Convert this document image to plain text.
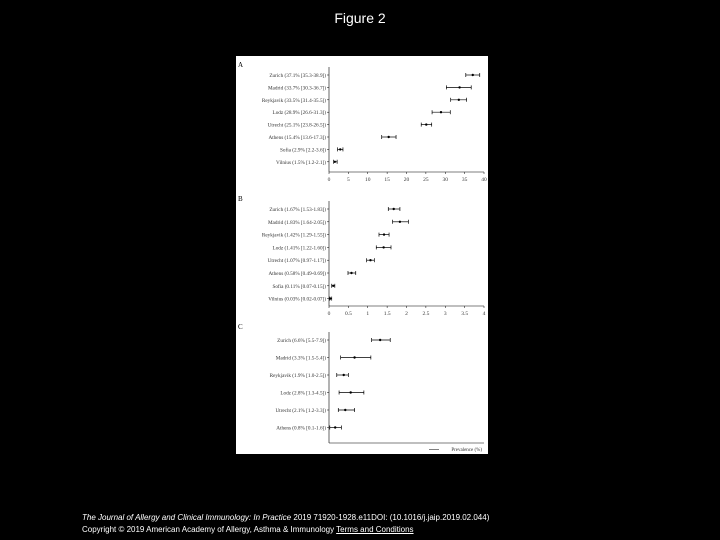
Figure 2
A
Zurich (37.1% [35.3-38.9])
Madrid (33.7% [30.3-36.7])
Reykjavik (33.5% [31.4-35.5])
Lodz (28.9% [26.6-31.3])
Utrecht (25.1% [23.8-26.5])
Athens (15.4% [13.6-17.3])
Sofia (2.9% [2.2-3.6])
Vilnius (1.5% [1.2-2.1])
0	5	10	15	20	25	30	35	40
B
Zurich (1.67% [1.53-1.83])
Madrid (1.83% [1.64-2.05])
Reykjavik (1.42% [1.29-1.55])
Lodz (1.41% [1.22-1.60])
Utrecht (1.07% [0.97-1.17])
Athens (0.58% [0.49-0.69])
Sofia (0.11% [0.07-0.15])
Vilnius (0.03% [0.02-0.07])
0	0.5	1	1.5	2	2.5	3	3.5	4
C
Zurich (6.6% [5.5-7.9])
Madrid (3.3% [1.5-5.4])
Reykjavik (1.9% [1.0-2.5])
Lodz (2.8% [1.3-4.5])
Utrecht (2.1% [1.2-3.3])
Athens (0.8% [0.1-1.6])
Prevalence (%)
The Journal of Allergy and Clinical Immunology: In Practice 2019 71920-1928.e11DOI: (10.1016/j.jaip.2019.02.044)
Copyright © 2019 American Academy of Allergy, Asthma & Immunology Terms and Conditions
